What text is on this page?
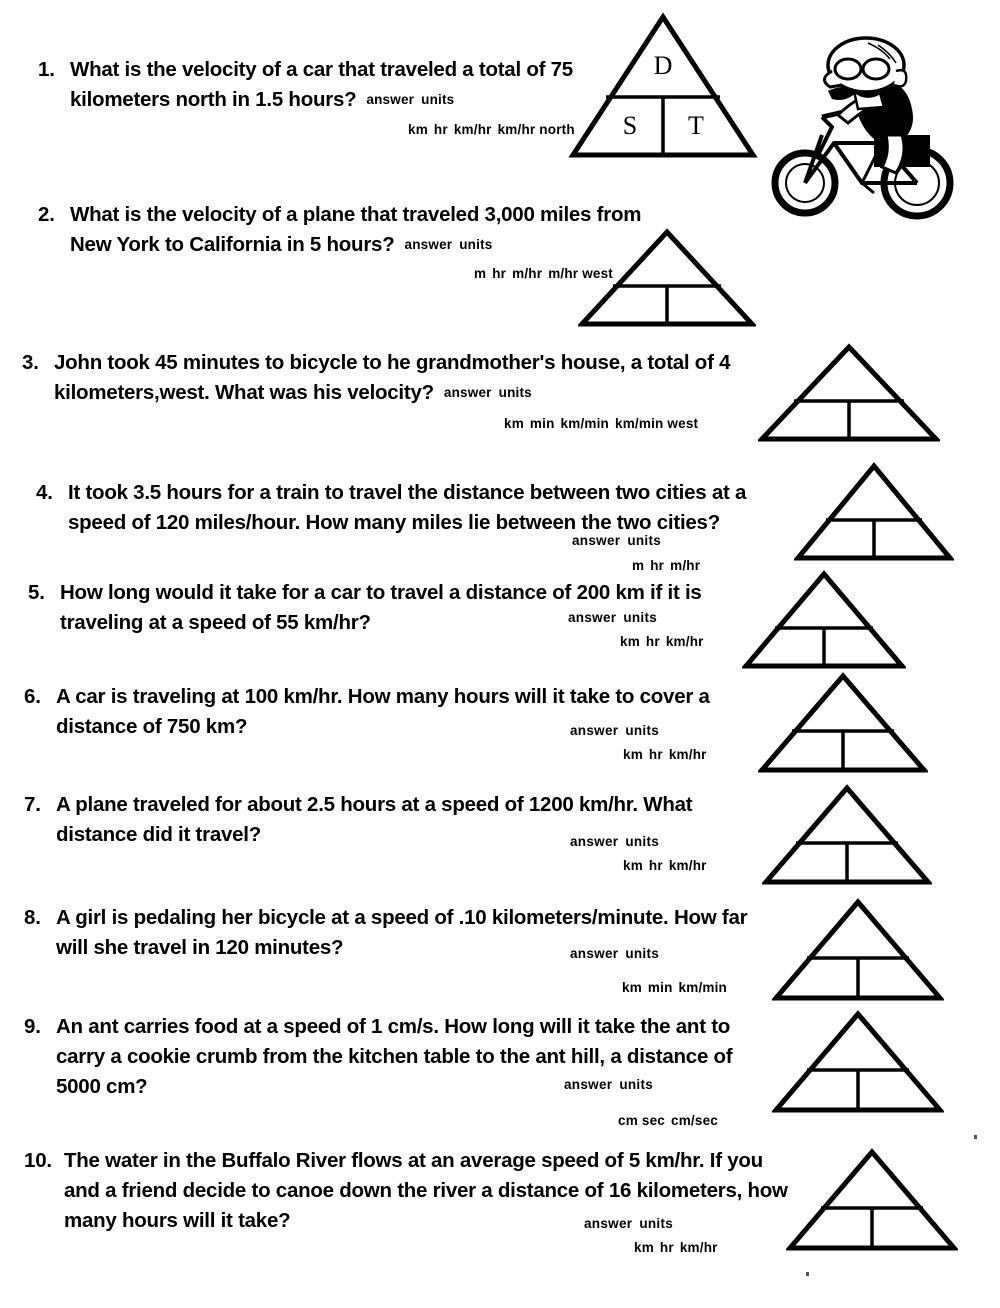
1. What is the velocity of a car that traveled a total of 75
kilometers north in 1.5 hours? answer units
km hr km/hr km/hr north
D
S T
2. What is the velocity of a plane that traveled 3,000 miles from
New York to California in 5 hours? answer units
m hr m/hr m/hr west
3. John took 45 minutes to bicycle to he grandmother's house, a total of 4
kilometers,west. What was his velocity? answer units
km min km/min km/min west
4. It took 3.5 hours for a train to travel the distance between two cities at a
speed of 120 miles/hour. How many miles lie between the two cities?
answer units
m hr m/hr
5. How long would it take for a car to travel a distance of 200 km if it is
traveling at a speed of 55 km/hr?	answer units
km hr km/hr
6. A car is traveling at 100 km/hr. How many hours will it take to cover a
distance of 750 km?	answer units
km hr km/hr
7. A plane traveled for about 2.5 hours at a speed of 1200 km/hr. What
distance did it travel?	answer units
km hr km/hr
8. A girl is pedaling her bicycle at a speed of .10 kilometers/minute. How far
will she travel in 120 minutes?	answer units
km min km/min
9. An ant carries food at a speed of 1 cm/s. How long will it take the ant to
carry a cookie crumb from the kitchen table to the ant hill, a distance of
5000 cm?	answer units
cm sec cm/sec
10. The water in the Buffalo River flows at an average speed of 5 km/hr. If you
and a friend decide to canoe down the river a distance of 16 kilometers, how
many hours will it take?	answer units
km hr km/hr
